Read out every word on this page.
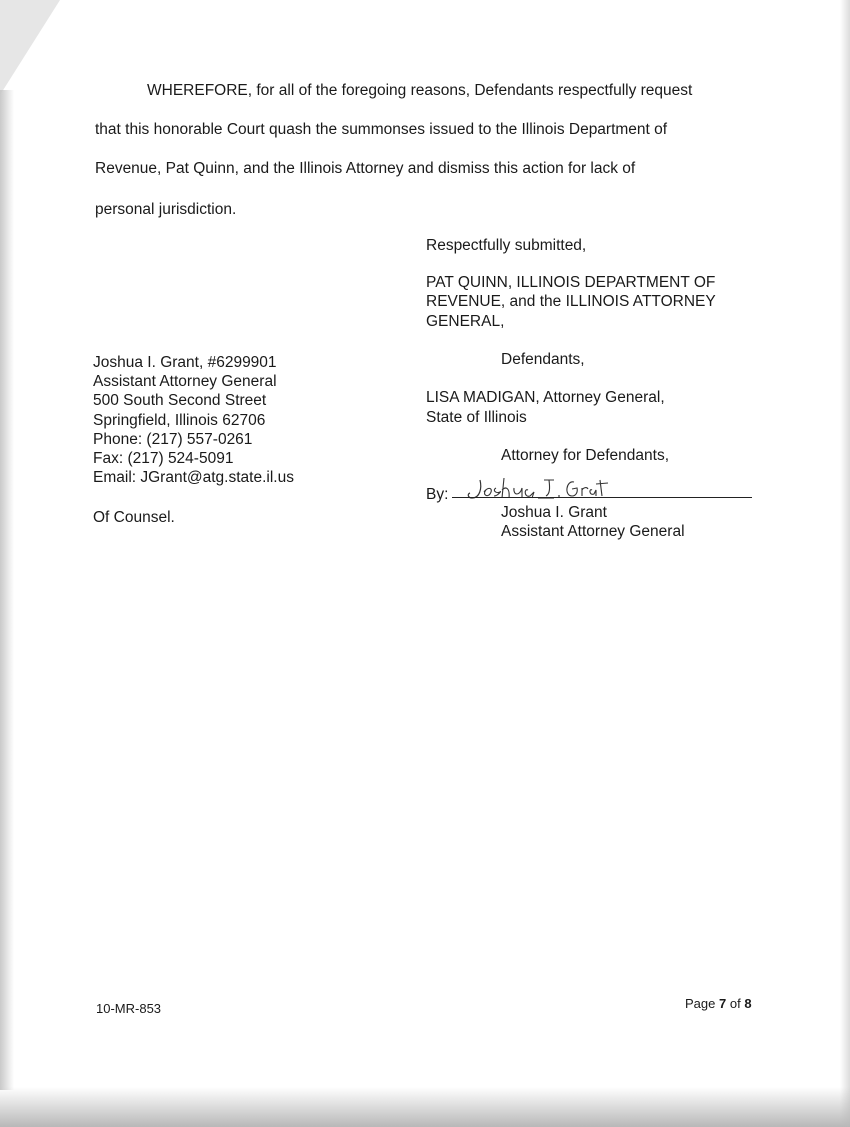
WHEREFORE, for all of the foregoing reasons, Defendants respectfully request
that this honorable Court quash the summonses issued to the Illinois Department of
Revenue, Pat Quinn, and the Illinois Attorney and dismiss this action for lack of
personal jurisdiction.
Respectfully submitted,
PAT QUINN, ILLINOIS DEPARTMENT OF
REVENUE, and the ILLINOIS ATTORNEY
GENERAL,
Defendants,
LISA MADIGAN, Attorney General,
State of Illinois
Attorney for Defendants,
By:
Joshua I. Grant
Assistant Attorney General
Joshua I. Grant, #6299901
Assistant Attorney General
500 South Second Street
Springfield, Illinois 62706
Phone: (217) 557-0261
Fax: (217) 524-5091
Email: JGrant@atg.state.il.us
Of Counsel.
10-MR-853	Page 7 of 8
